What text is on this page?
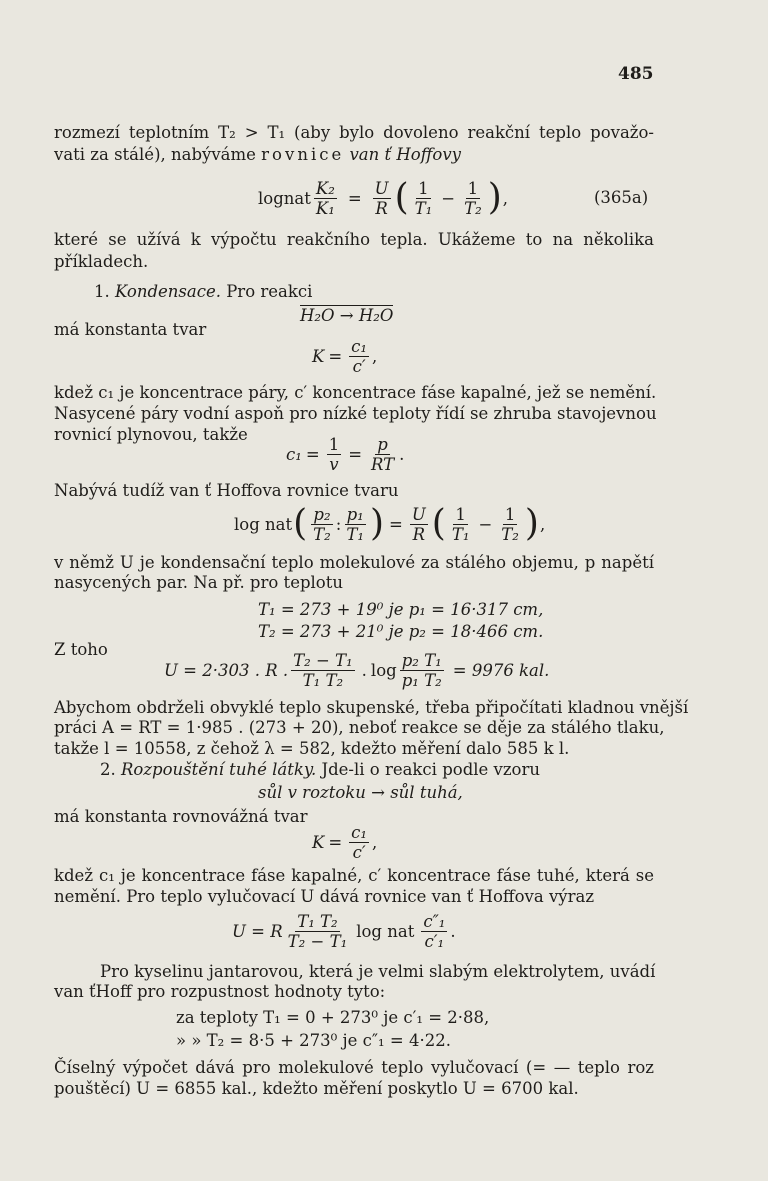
485
rozmezí teplotním T₂ > T₁ (aby bylo dovoleno reakční teplo považo-
vati za stálé), nabýváme rovnice van ť Hoffovy
lognat $\frac{\text{K₂}}{\text{K₁}} = \frac{U}{R}$ ( $\frac{1}{\text{T₁}} - \frac{1}{\text{T₂}}$ ) ,	(365a)
které se užívá k výpočtu reakčního tepla. Ukážeme to na několika
příkladech.
1. Kondensace. Pro reakci
H₂O → H₂O
má konstanta tvar
$K = \frac{\text{c₁}}{c'}$ ,
kdež c₁ je koncentrace páry, c′ koncentrace fáse kapalné, jež se nemění.
Nasycené páry vodní aspoň pro nízké teploty řídí se zhruba stavojevnou
rovnicí plynovou, takže
$c_1 = \frac{1}{v} = \frac{p}{RT}$ .
Nabývá tudíž van ť Hoffova rovnice tvaru
log nat ( $\frac{\text{p₂}}{\text{T₂}}$ : $\frac{\text{p₁}}{\text{T₁}}$ ) = $\frac{U}{R}$ ( $\frac{1}{\text{T₁}} - \frac{1}{\text{T₂}}$ ) ,
v němž U je kondensační teplo molekulové za stálého objemu, p napětí
nasycených par. Na př. pro teplotu
T₁ = 273 + 19⁰ je p₁ = 16·317 cm,
T₂ = 273 + 21⁰ je p₂ = 18·466 cm.
Z toho
U = 2·303 . R . $\frac{\text{T₂ − T₁}}{\text{T₁ T₂}}$ . $\log \frac{\text{p₂ T₁}}{\text{p₁ T₂}} = 9976$ kal.
Abychom obdrželi obvyklé teplo skupenské, třeba připočítati kladnou vnější
práci A = RT = 1·985 . (273 + 20), neboť reakce se děje za stálého tlaku,
takže l = 10558, z čehož λ = 582, kdežto měření dalo 585 k l.
2. Rozpouštění tuhé látky. Jde-li o reakci podle vzoru
sůl v roztoku → sůl tuhá,
má konstanta rovnovážná tvar
$K = \frac{\text{c₁}}{c'}$ ,
kdež c₁ je koncentrace fáse kapalné, c′ koncentrace fáse tuhé, která se
nemění. Pro teplo vylučovací U dává rovnice van ť Hoffova výraz
U = R $\frac{\text{T₁ T₂}}{\text{T₂ − T₁}}$ log nat $\frac{\text{c″₁}}{\text{c′₁}}$ .
Pro kyselinu jantarovou, která je velmi slabým elektrolytem, uvádí
van ťHoff pro rozpustnost hodnoty tyto:
za teploty T₁ = 0 + 273⁰ je c′₁ = 2·88,
» » T₂ = 8·5 + 273⁰ je c″₁ = 4·22.
Číselný výpočet dává pro molekulové teplo vylučovací (= — teplo roz
pouštěcí) U = 6855 kal., kdežto měření poskytlo U = 6700 kal.
